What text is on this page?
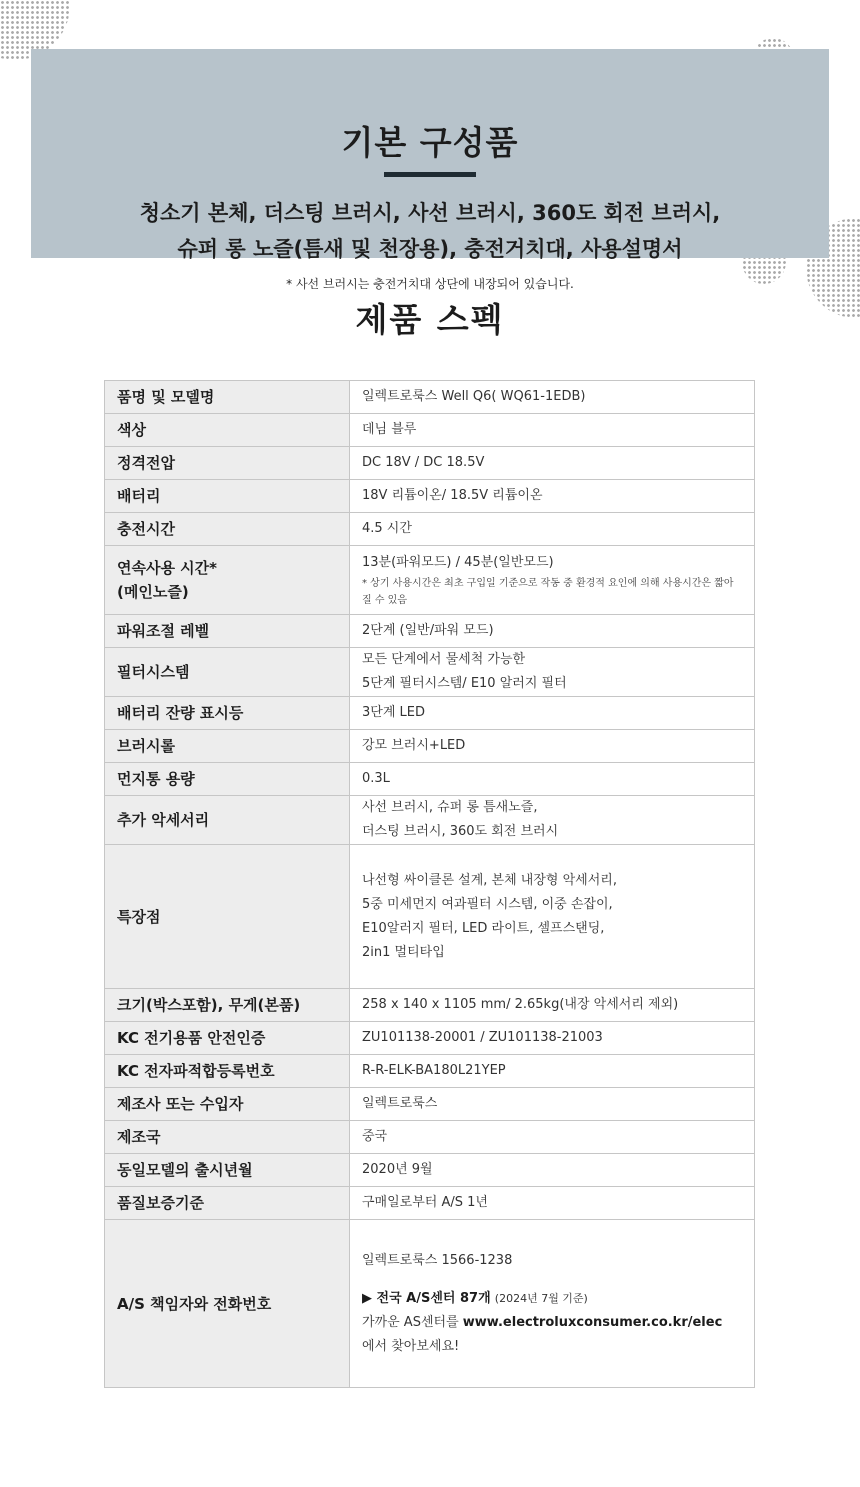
기본 구성품
청소기 본체, 더스팅 브러시, 사선 브러시, 360도 회전 브러시,
슈퍼 롱 노즐(틈새 및 천장용), 충전거치대, 사용설명서
* 사선 브러시는 충전거치대 상단에 내장되어 있습니다.
제품 스펙
품명 및 모델명	일렉트로룩스 Well Q6( WQ61-1EDB)
색상	데님 블루
정격전압	DC 18V / DC 18.5V
배터리	18V 리튬이온/ 18.5V 리튬이온
충전시간	4.5 시간

연속사용 시간*
(메인노즐)	13분(파워모드) / 45분(일반모드)
* 상기 사용시간은 최초 구입일 기준으로 작동 중 환경적 요인에 의해 사용시간은 짧아질 수 있음

파워조절 레벨	2단계 (일반/파워 모드)
필터시스템	모든 단계에서 물세척 가능한
5단계 필터시스템/ E10 알러지 필터

배터리 잔량 표시등	3단계 LED
브러시롤	강모 브러시+LED
먼지통 용량	0.3L
추가 악세서리	사선 브러시, 슈퍼 롱 틈새노즐,
더스팅 브러시, 360도 회전 브러시

특장점	나선형 싸이클론 설계, 본체 내장형 악세서리,
5중 미세먼지 여과필터 시스템, 이중 손잡이,
E10알러지 필터, LED 라이트, 셀프스탠딩,
2in1 멀티타입

크기(박스포함), 무게(본품)	258 x 140 x 1105 mm/ 2.65kg(내장 악세서리 제외)
KC 전기용품 안전인증	ZU101138-20001 / ZU101138-21003
KC 전자파적합등록번호	R-R-ELK-BA180L21YEP
제조사 또는 수입자	일렉트로룩스
제조국	중국
동일모델의 출시년월	2020년 9월
품질보증기준	구매일로부터 A/S 1년
A/S 책임자와 전화번호	일렉트로룩스 1566-1238
▶ 전국 A/S센터 87개 (2024년 7월 기준)
가까운 AS센터를 www.electroluxconsumer.co.kr/elec
에서 찾아보세요!
